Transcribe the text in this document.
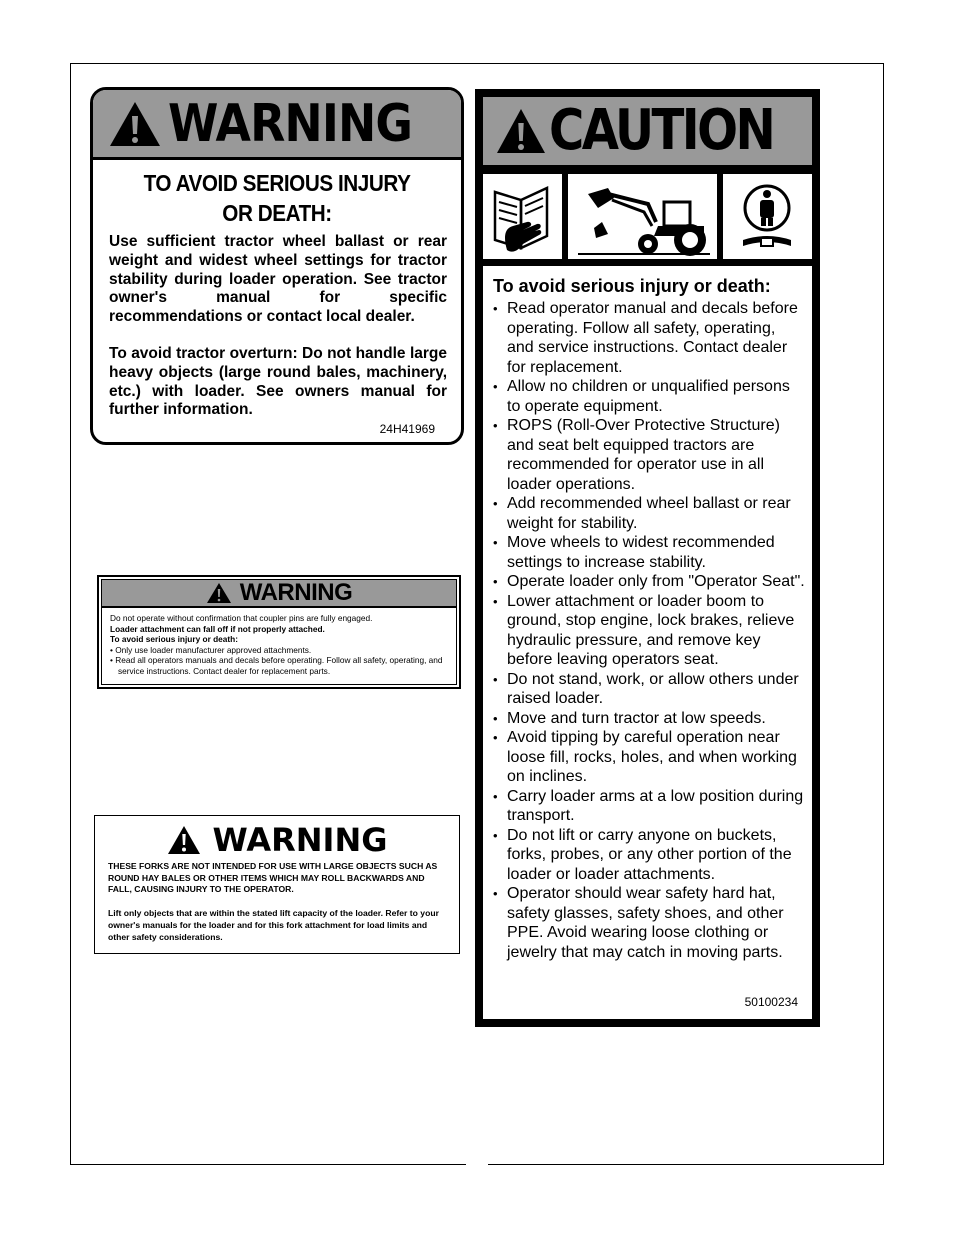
WARNING
TO AVOID SERIOUS INJURY
OR DEATH:
Use sufficient tractor wheel ballast or rear weight and widest wheel settings for tractor stability during loader operation. See tractor owner's manual for specific recommendations or contact local dealer.
To avoid tractor overturn: Do not handle large heavy objects (large round bales, machinery, etc.) with loader. See owners manual for further information.
24H41969
WARNING
Do not operate without confirmation that coupler pins are fully engaged.
Loader attachment can fall off if not properly attached.
To avoid serious injury or death:
• Only use loader manufacturer approved attachments.
• Read all operators manuals and decals before operating. Follow all safety, operating, and service instructions. Contact dealer for replacement parts.
WARNING
THESE FORKS ARE NOT INTENDED FOR USE WITH LARGE OBJECTS SUCH AS ROUND HAY BALES OR OTHER ITEMS WHICH MAY ROLL BACKWARDS AND FALL, CAUSING INJURY TO THE OPERATOR.
Lift only objects that are within the stated lift capacity of the loader. Refer to your owner's manuals for the loader and for this fork attachment for load limits and other safety considerations.
CAUTION
To avoid serious injury or death:
• Read operator manual and decals before operating. Follow all safety, operating, and service instructions. Contact dealer for replacement.
• Allow no children or unqualified persons to operate equipment.
• ROPS (Roll-Over Protective Structure) and seat belt equipped tractors are recommended for operator use in all loader operations.
• Add recommended wheel ballast or rear weight for stability.
• Move wheels to widest recommended settings to increase stability.
• Operate loader only from "Operator Seat".
• Lower attachment or loader boom to ground, stop engine, lock brakes, relieve hydraulic pressure, and remove key before leaving operators seat.
• Do not stand, work, or allow others under raised loader.
• Move and turn tractor at low speeds.
• Avoid tipping by careful operation near loose fill, rocks, holes, and when working on inclines.
• Carry loader arms at a low position during transport.
• Do not lift or carry anyone on buckets, forks, probes, or any other portion of the loader or loader attachments.
• Operator should wear safety hard hat, safety glasses, safety shoes, and other PPE. Avoid wearing loose clothing or jewelry that may catch in moving parts.
50100234
